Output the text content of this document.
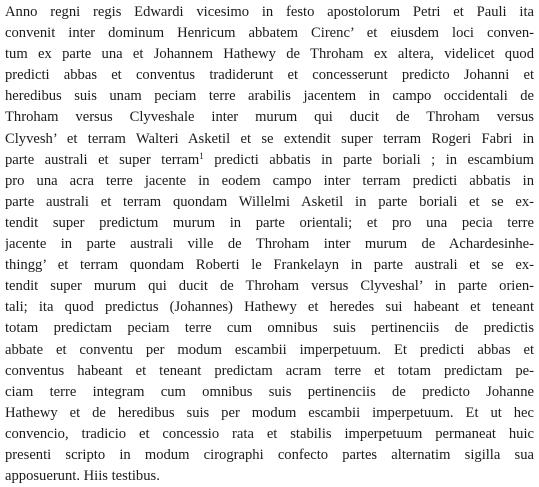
Anno regni regis Edwardi vicesimo in festo apostolorum Petri et Pauli ita
convenit inter dominum Henricum abbatem Cirenc’ et eiusdem loci conven-
tum ex parte una et Johannem Hathewy de Throham ex altera, videlicet quod
predicti abbas et conventus tradiderunt et concesserunt predicto Johanni et
heredibus suis unam peciam terre arabilis jacentem in campo occidentali de
Throham versus Clyveshale inter murum qui ducit de Throham versus
Clyvesh’ et terram Walteri Asketil et se extendit super terram Rogeri Fabri in
parte australi et super terram$^1$ predicti abbatis in parte boriali ; in escambium
pro una acra terre jacente in eodem campo inter terram predicti abbatis in
parte australi et terram quondam Willelmi Asketil in parte boriali et se ex-
tendit super predictum murum in parte orientali; et pro una pecia terre
jacente in parte australi ville de Throham inter murum de Achardesinhe-
thingg’ et terram quondam Roberti le Frankelayn in parte australi et se ex-
tendit super murum qui ducit de Throham versus Clyveshal’ in parte orien-
tali; ita quod predictus (Johannes) Hathewy et heredes sui habeant et teneant
totam predictam peciam terre cum omnibus suis pertinenciis de predictis
abbate et conventu per modum escambii imperpetuum. Et predicti abbas et
conventus habeant et teneant predictam acram terre et totam predictam pe-
ciam terre integram cum omnibus suis pertinenciis de predicto Johanne
Hathewy et de heredibus suis per modum escambii imperpetuum. Et ut hec
convencio, tradicio et concessio rata et stabilis imperpetuum permaneat huic
presenti scripto in modum cirographi confecto partes alternatim sigilla sua
apposuerunt. Hiis testibus.
